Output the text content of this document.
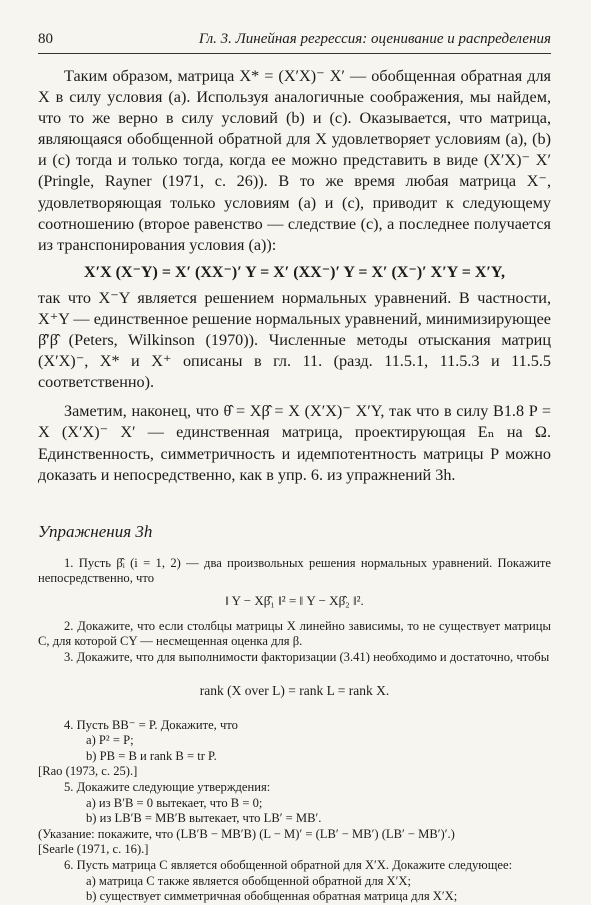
80	Гл. 3. Линейная регрессия: оценивание и распределения

Таким образом, матрица X* = (X′X)⁻ X′ — обобщенная обратная для X в силу условия (a). Используя аналогичные соображения, мы найдем, что то же верно в силу условий (b) и (c). Оказывается, что матрица, являющаяся обобщенной обратной для X удовлетворяет условиям (a), (b) и (c) тогда и только тогда, когда ее можно представить в виде (X′X)⁻ X′ (Pringle, Rayner (1971, с. 26)). В то же время любая матрица X⁻, удовлетворяющая только условиям (a) и (c), приводит к следующему соотношению (второе равенство — следствие (c), а последнее получается из транспонирования условия (a)):

X′X (X⁻Y) = X′ (XX⁻)′ Y = X′ (XX⁻)′ Y = X′ (X⁻)′ X′Y = X′Y,

так что X⁻Y является решением нормальных уравнений. В частности, X⁺Y — единственное решение нормальных уравнений, минимизирующее β̂′β̂ (Peters, Wilkinson (1970)). Численные методы отыскания матриц (X′X)⁻, X* и X⁺ описаны в гл. 11. (разд. 11.5.1, 11.5.3 и 11.5.5 соответственно).

Заметим, наконец, что θ̂ = Xβ̂ = X (X′X)⁻ X′Y, так что в силу B1.8 P = X (X′X)⁻ X′ — единственная матрица, проектирующая Eₙ на Ω. Единственность, симметричность и идемпотентность матрицы P можно доказать и непосредственно, как в упр. 6. из упражнений 3h.

Упражнения 3h

1. Пусть β̂ᵢ (i = 1, 2) — два произвольных решения нормальных уравнений. Покажите непосредственно, что

‖ Y − Xβ̂₁ ‖² = ‖ Y − Xβ̂₂ ‖².

2. Докажите, что если столбцы матрицы X линейно зависимы, то не существует матрицы C, для которой CY — несмещенная оценка для β.

3. Докажите, что для выполнимости факторизации (3.41) необходимо и достаточно, чтобы

rank (X over L) = rank L = rank X.

4. Пусть BB⁻ = P. Докажите, что

a) P² = P;

b) PB = B и rank B = tr P.

[Rao (1973, с. 25).]

5. Докажите следующие утверждения:

a) из B′B = 0 вытекает, что B = 0;

b) из LB′B = MB′B вытекает, что LB′ = MB′.

(Указание: покажите, что (LB′B − MB′B) (L − M)′ = (LB′ − MB′) (LB′ − MB′)′.)

[Searle (1971, с. 16).]

6. Пусть матрица C является обобщенной обратной для X′X. Докажите следующее:

a) матрица C также является обобщенной обратной для X′X;

b) существует симметричная обобщенная обратная матрица для X′X;
